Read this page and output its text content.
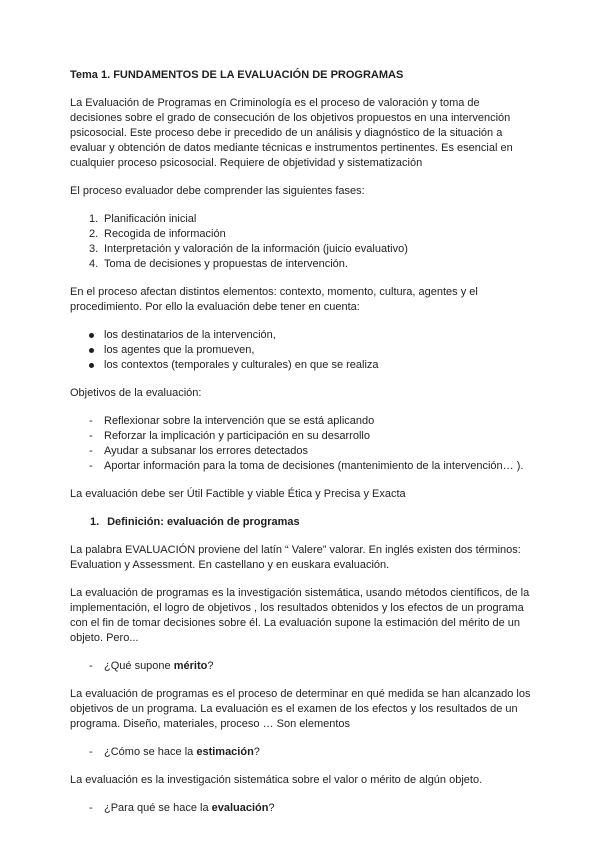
Tema 1. FUNDAMENTOS DE LA EVALUACIÓN DE PROGRAMAS

La Evaluación de Programas en Criminología es el proceso de valoración y toma de decisiones sobre el grado de consecución de los objetivos propuestos en una intervención psicosocial. Este proceso debe ir precedido de un análisis y diagnóstico de la situación a evaluar y obtención de datos mediante técnicas e instrumentos pertinentes. Es esencial en cualquier proceso psicosocial. Requiere de objetividad y sistematización

El proceso evaluador debe comprender las siguientes fases:

1. Planificación inicial
2. Recogida de información
3. Interpretación y valoración de la información (juicio evaluativo)
4. Toma de decisiones y propuestas de intervención.

En el proceso afectan distintos elementos: contexto, momento, cultura, agentes y el procedimiento. Por ello la evaluación debe tener en cuenta:

los destinatarios de la intervención,
los agentes que la promueven,
los contextos (temporales y culturales) en que se realiza

Objetivos de la evaluación:

- Reflexionar sobre la intervención que se está aplicando
- Reforzar la implicación y participación en su desarrollo
- Ayudar a subsanar los errores detectados
- Aportar información para la toma de decisiones (mantenimiento de la intervención… ).

La evaluación debe ser Útil Factible y viable Ética y Precisa y Exacta

1. Definición: evaluación de programas

La palabra EVALUACIÓN proviene del latín “ Valere” valorar. En inglés existen dos términos: Evaluation y Assessment. En castellano y en euskara evaluación.

La evaluación de programas es la investigación sistemática, usando métodos científicos, de la implementación, el logro de objetivos , los resultados obtenidos y los efectos de un programa con el fin de tomar decisiones sobre él. La evaluación supone la estimación del mérito de un objeto. Pero...

- ¿Qué supone mérito?

La evaluación de programas es el proceso de determinar en qué medida se han alcanzado los objetivos de un programa. La evaluación es el examen de los efectos y los resultados de un programa. Diseño, materiales, proceso … Son elementos

- ¿Cómo se hace la estimación?

La evaluación es la investigación sistemática sobre el valor o mérito de algún objeto.

- ¿Para qué se hace la evaluación?
